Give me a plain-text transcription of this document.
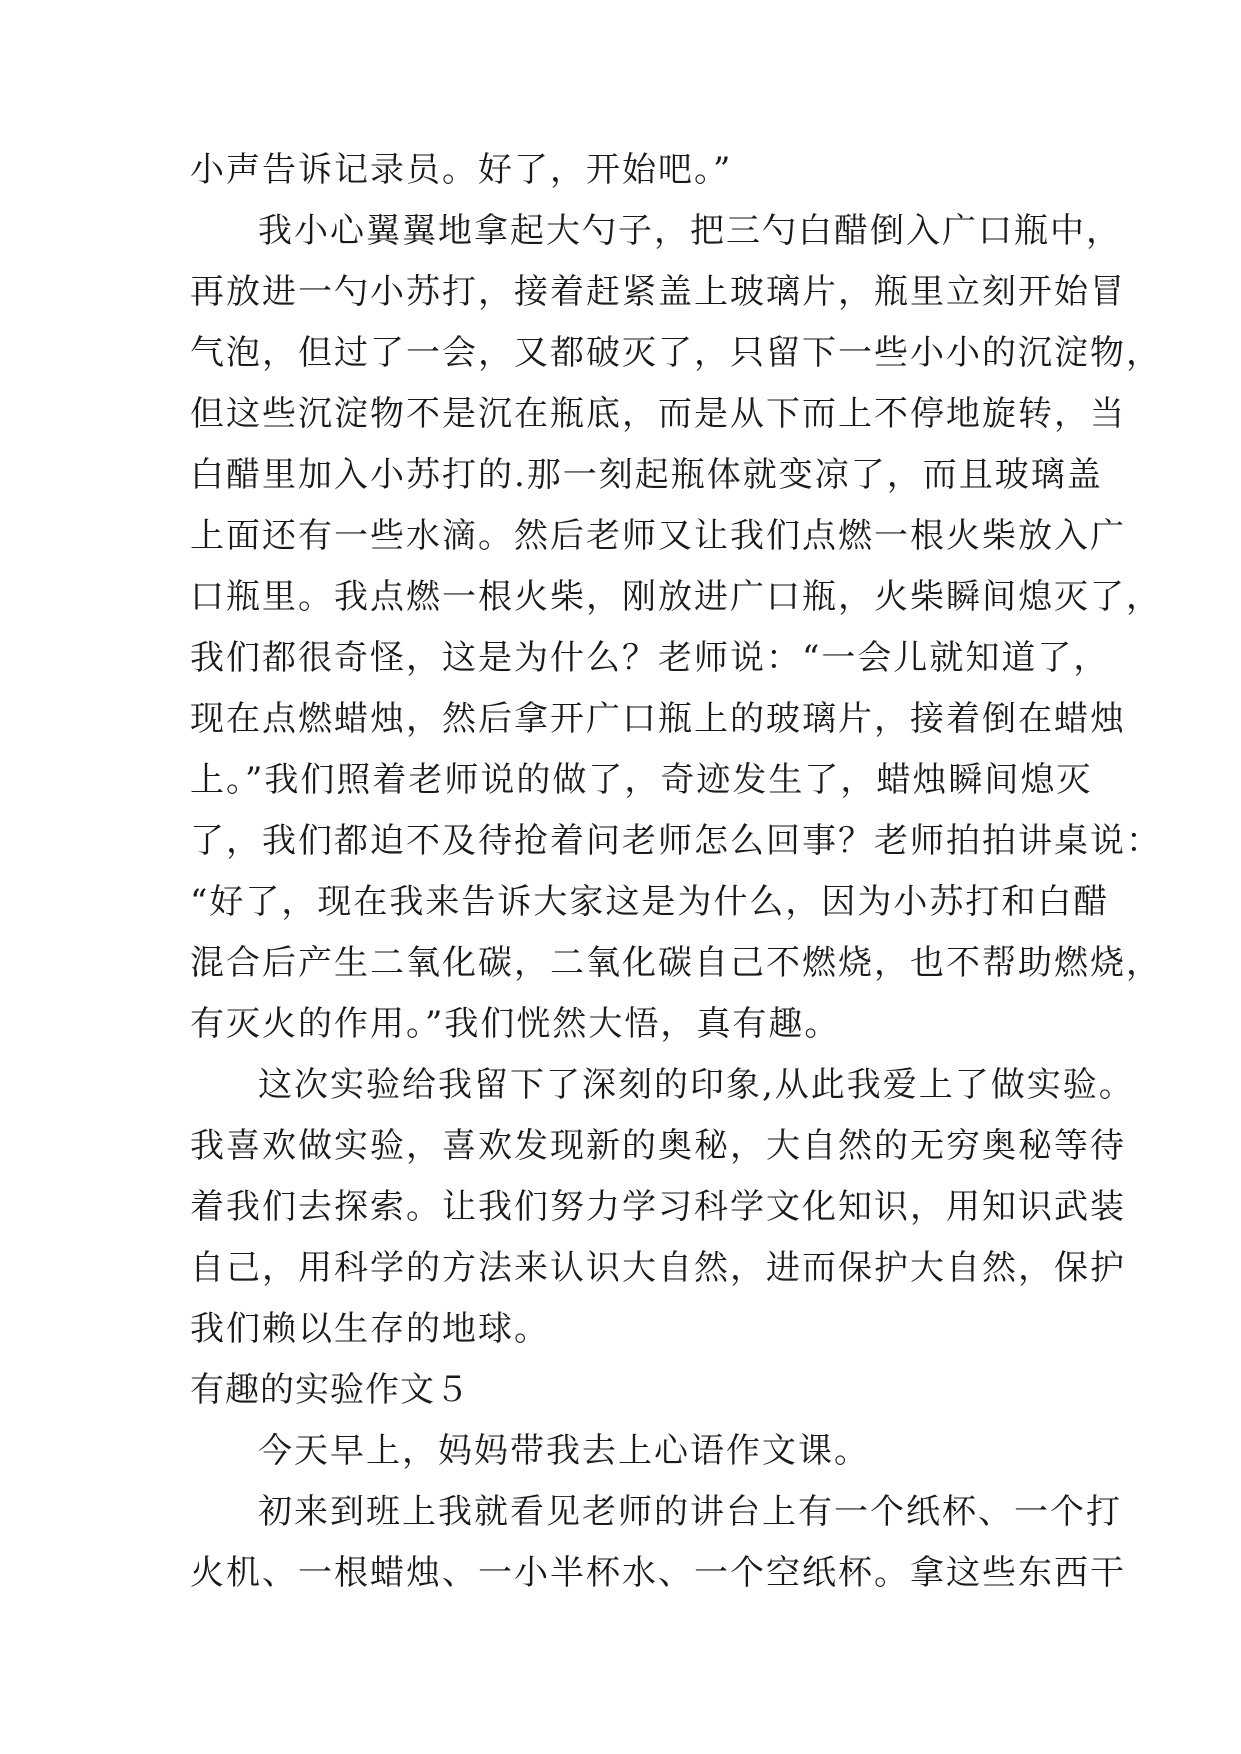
小声告诉记录员。好了，开始吧。”
我小心翼翼地拿起大勺子，把三勺白醋倒入广口瓶中，
再放进一勺小苏打，接着赶紧盖上玻璃片，瓶里立刻开始冒
气泡，但过了一会，又都破灭了，只留下一些小小的沉淀物，
但这些沉淀物不是沉在瓶底，而是从下而上不停地旋转，当
白醋里加入小苏打的.那一刻起瓶体就变凉了，而且玻璃盖
上面还有一些水滴。然后老师又让我们点燃一根火柴放入广
口瓶里。我点燃一根火柴，刚放进广口瓶，火柴瞬间熄灭了，
我们都很奇怪，这是为什么？老师说：“一会儿就知道了，
现在点燃蜡烛，然后拿开广口瓶上的玻璃片，接着倒在蜡烛
上。”我们照着老师说的做了，奇迹发生了，蜡烛瞬间熄灭
了，我们都迫不及待抢着问老师怎么回事？老师拍拍讲桌说：
“好了，现在我来告诉大家这是为什么，因为小苏打和白醋
混合后产生二氧化碳，二氧化碳自己不燃烧，也不帮助燃烧，
有灭火的作用。”我们恍然大悟，真有趣。
这次实验给我留下了深刻的印象,从此我爱上了做实验。
我喜欢做实验，喜欢发现新的奥秘，大自然的无穷奥秘等待
着我们去探索。让我们努力学习科学文化知识，用知识武装
自己，用科学的方法来认识大自然，进而保护大自然，保护
我们赖以生存的地球。
有趣的实验作文５
今天早上，妈妈带我去上心语作文课。
初来到班上我就看见老师的讲台上有一个纸杯、一个打
火机、一根蜡烛、一小半杯水、一个空纸杯。拿这些东西干
